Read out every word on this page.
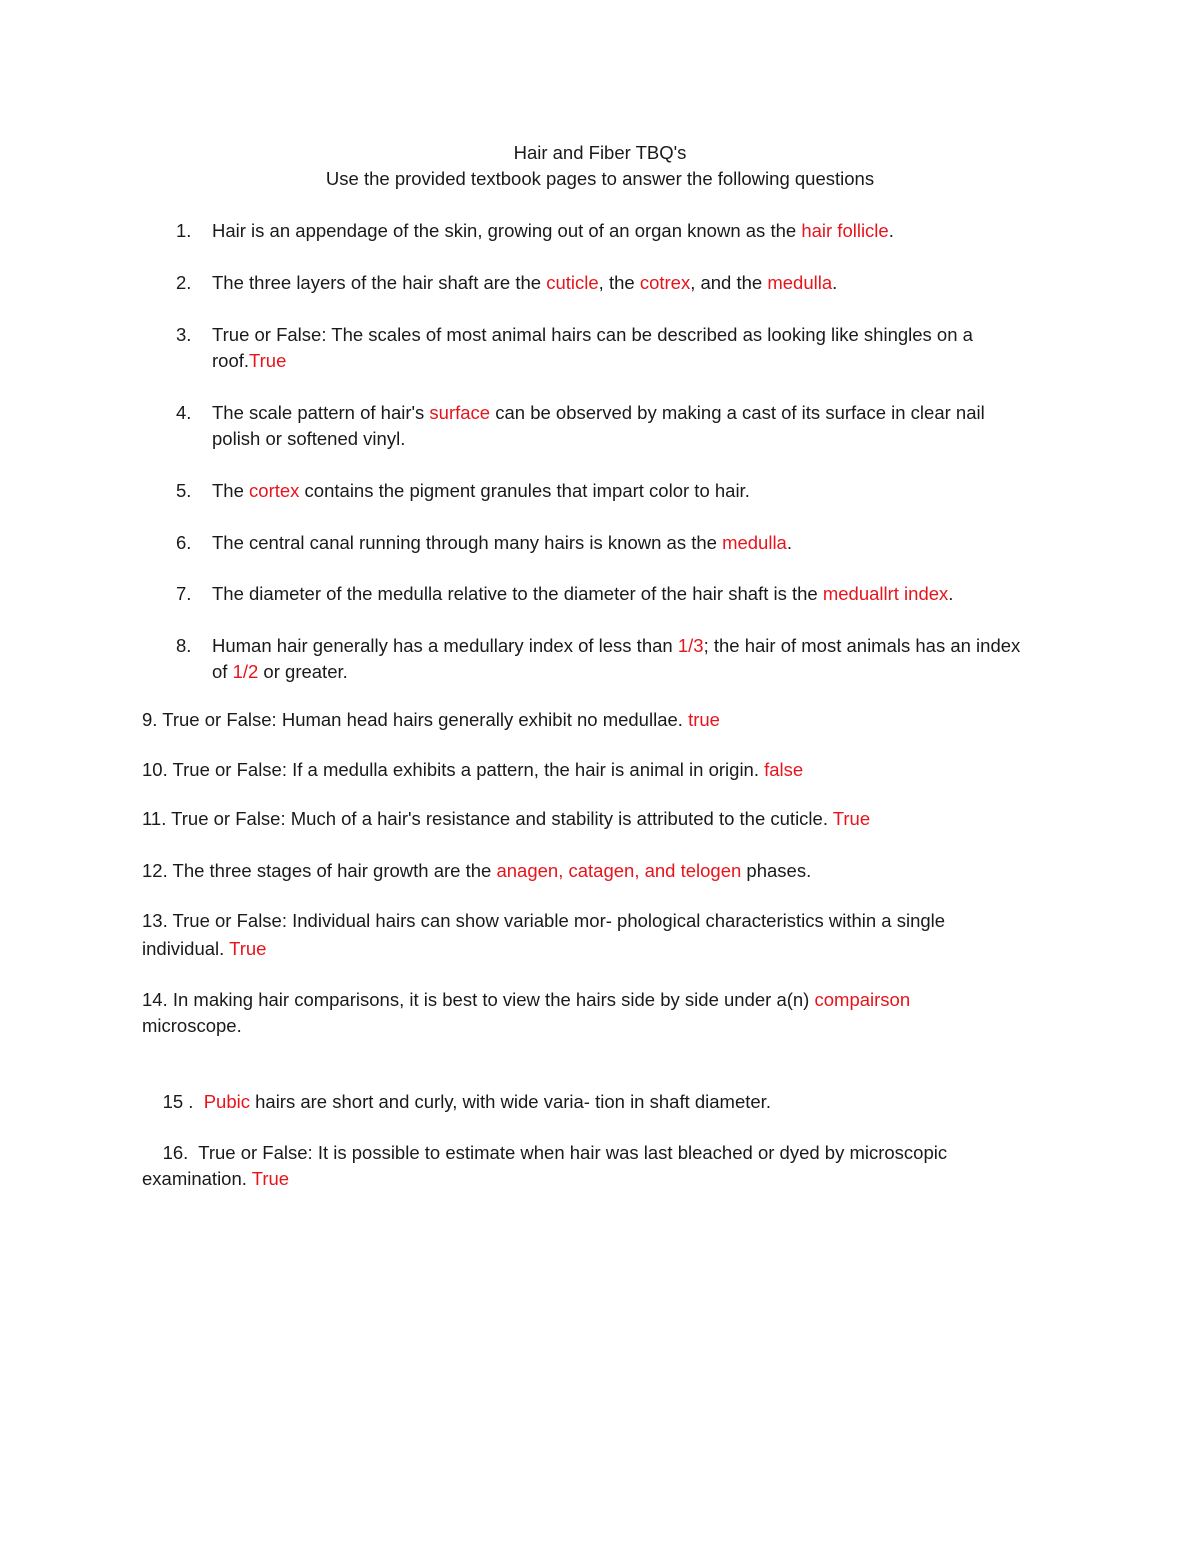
Hair and Fiber TBQ's
Use the provided textbook pages to answer the following questions
1.	Hair is an appendage of the skin, growing out of an organ known as the hair follicle.
2.	The three layers of the hair shaft are the cuticle, the cotrex, and the medulla.
3.	True or False: The scales of most animal hairs can be described as looking like shingles on a roof.True
4.	The scale pattern of hair's surface can be observed by making a cast of its surface in clear nail polish or softened vinyl.
5.	The cortex contains the pigment granules that impart color to hair.
6.	The central canal running through many hairs is known as the medulla.
7.	The diameter of the medulla relative to the diameter of the hair shaft is the meduallrt index.
8.	Human hair generally has a medullary index of less than 1/3; the hair of most animals has an index of 1/2 or greater.
9. True or False: Human head hairs generally exhibit no medullae. true
10. True or False: If a medulla exhibits a pattern, the hair is animal in origin. false
11. True or False: Much of a hair's resistance and stability is attributed to the cuticle. True
12. The three stages of hair growth are the anagen, catagen, and telogen phases.
13. True or False: Individual hairs can show variable mor- phological characteristics within a single individual. True
14. In making hair comparisons, it is best to view the hairs side by side under a(n) compairson microscope.

15 .  Pubic hairs are short and curly, with wide varia- tion in shaft diameter.

16.  True or False: It is possible to estimate when hair was last bleached or dyed by microscopic examination. True
